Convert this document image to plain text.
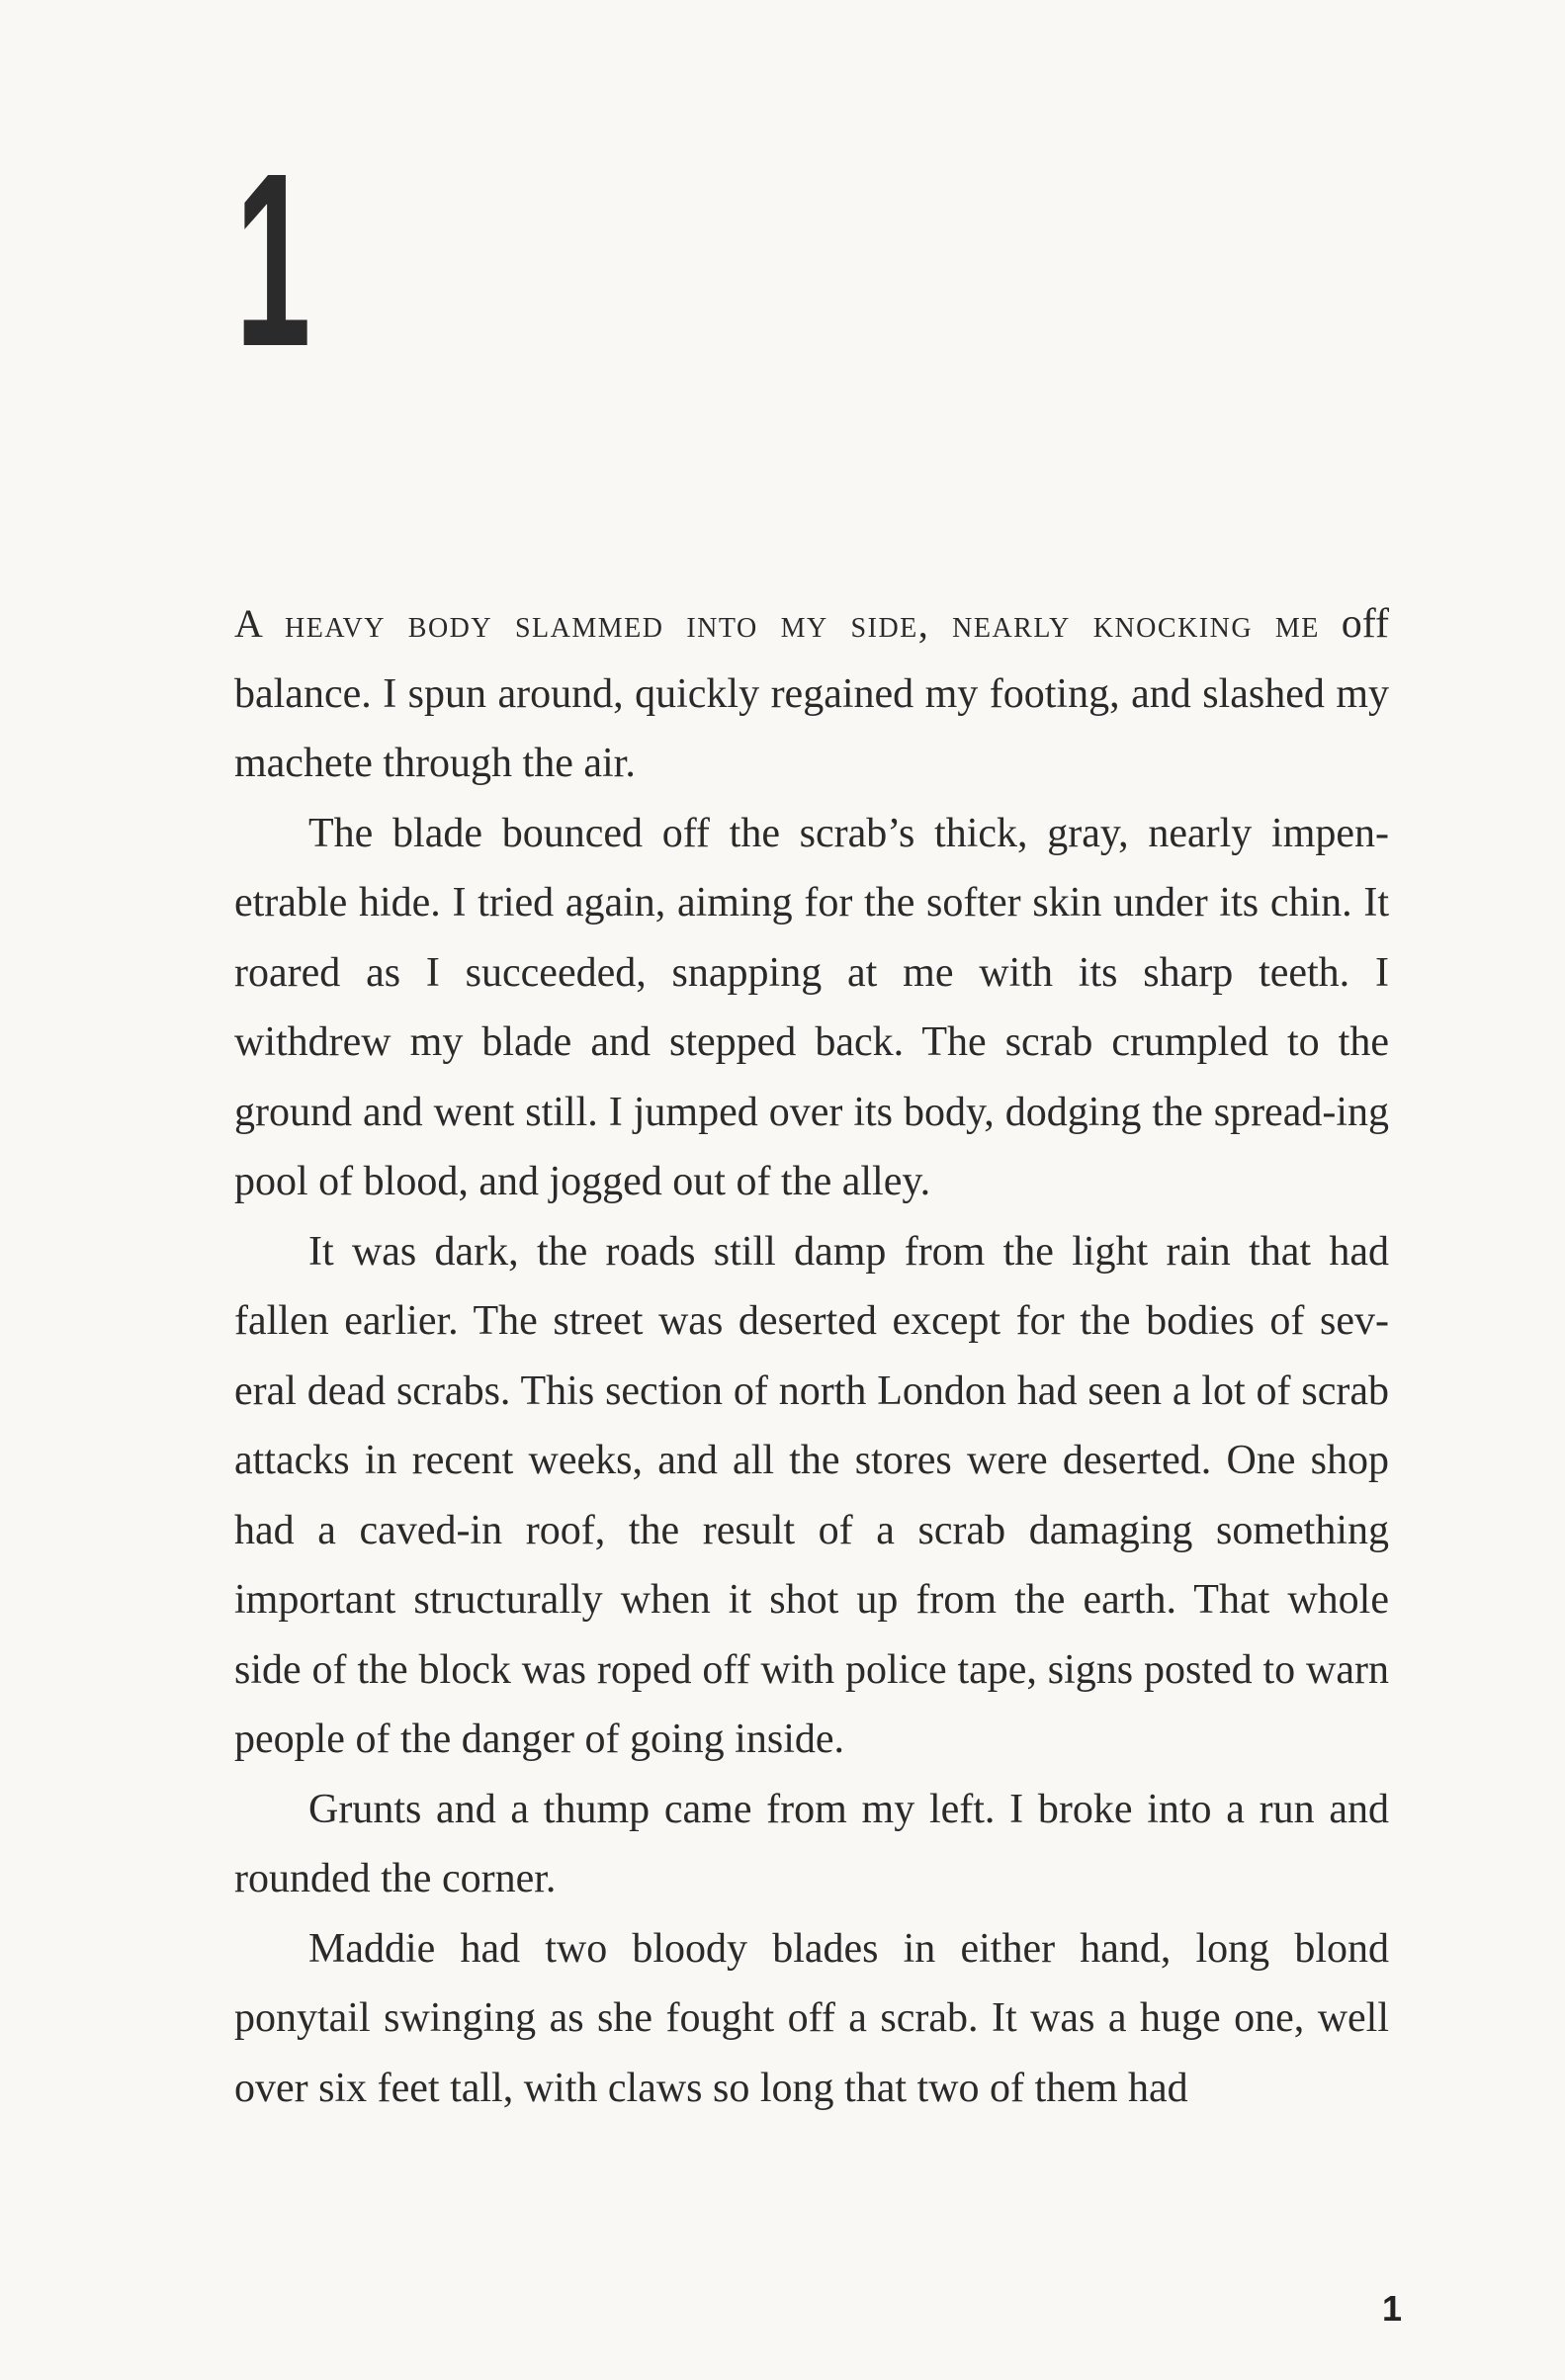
1

A heavy body slammed into my side, nearly knocking me off balance. I spun around, quickly regained my footing, and slashed my machete through the air.

The blade bounced off the scrab’s thick, gray, nearly impen-etrable hide. I tried again, aiming for the softer skin under its chin. It roared as I succeeded, snapping at me with its sharp teeth. I withdrew my blade and stepped back. The scrab crumpled to the ground and went still. I jumped over its body, dodging the spread-ing pool of blood, and jogged out of the alley.

It was dark, the roads still damp from the light rain that had fallen earlier. The street was deserted except for the bodies of sev-eral dead scrabs. This section of north London had seen a lot of scrab attacks in recent weeks, and all the stores were deserted. One shop had a caved-in roof, the result of a scrab damaging something important structurally when it shot up from the earth. That whole side of the block was roped off with police tape, signs posted to warn people of the danger of going inside.

Grunts and a thump came from my left. I broke into a run and rounded the corner.

Maddie had two bloody blades in either hand, long blond ponytail swinging as she fought off a scrab. It was a huge one, well over six feet tall, with claws so long that two of them had

1
